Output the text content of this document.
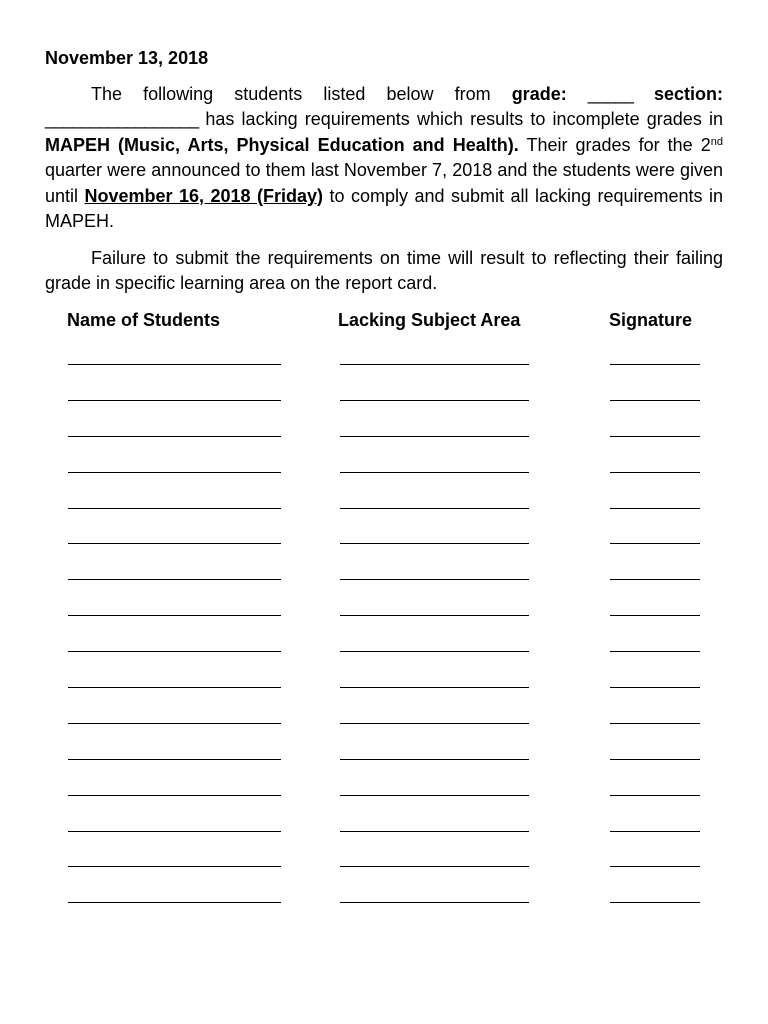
November 13, 2018

The following students listed below from grade: _____ section: _________________ has lacking requirements which results to incomplete grades in MAPEH (Music, Arts, Physical Education and Health). Their grades for the 2nd quarter were announced to them last November 7, 2018 and the students were given until November 16, 2018 (Friday) to comply and submit all lacking requirements in MAPEH.

Failure to submit the requirements on time will result to reflecting their failing grade in specific learning area on the report card.

Name of Students	Lacking Subject Area	Signature
